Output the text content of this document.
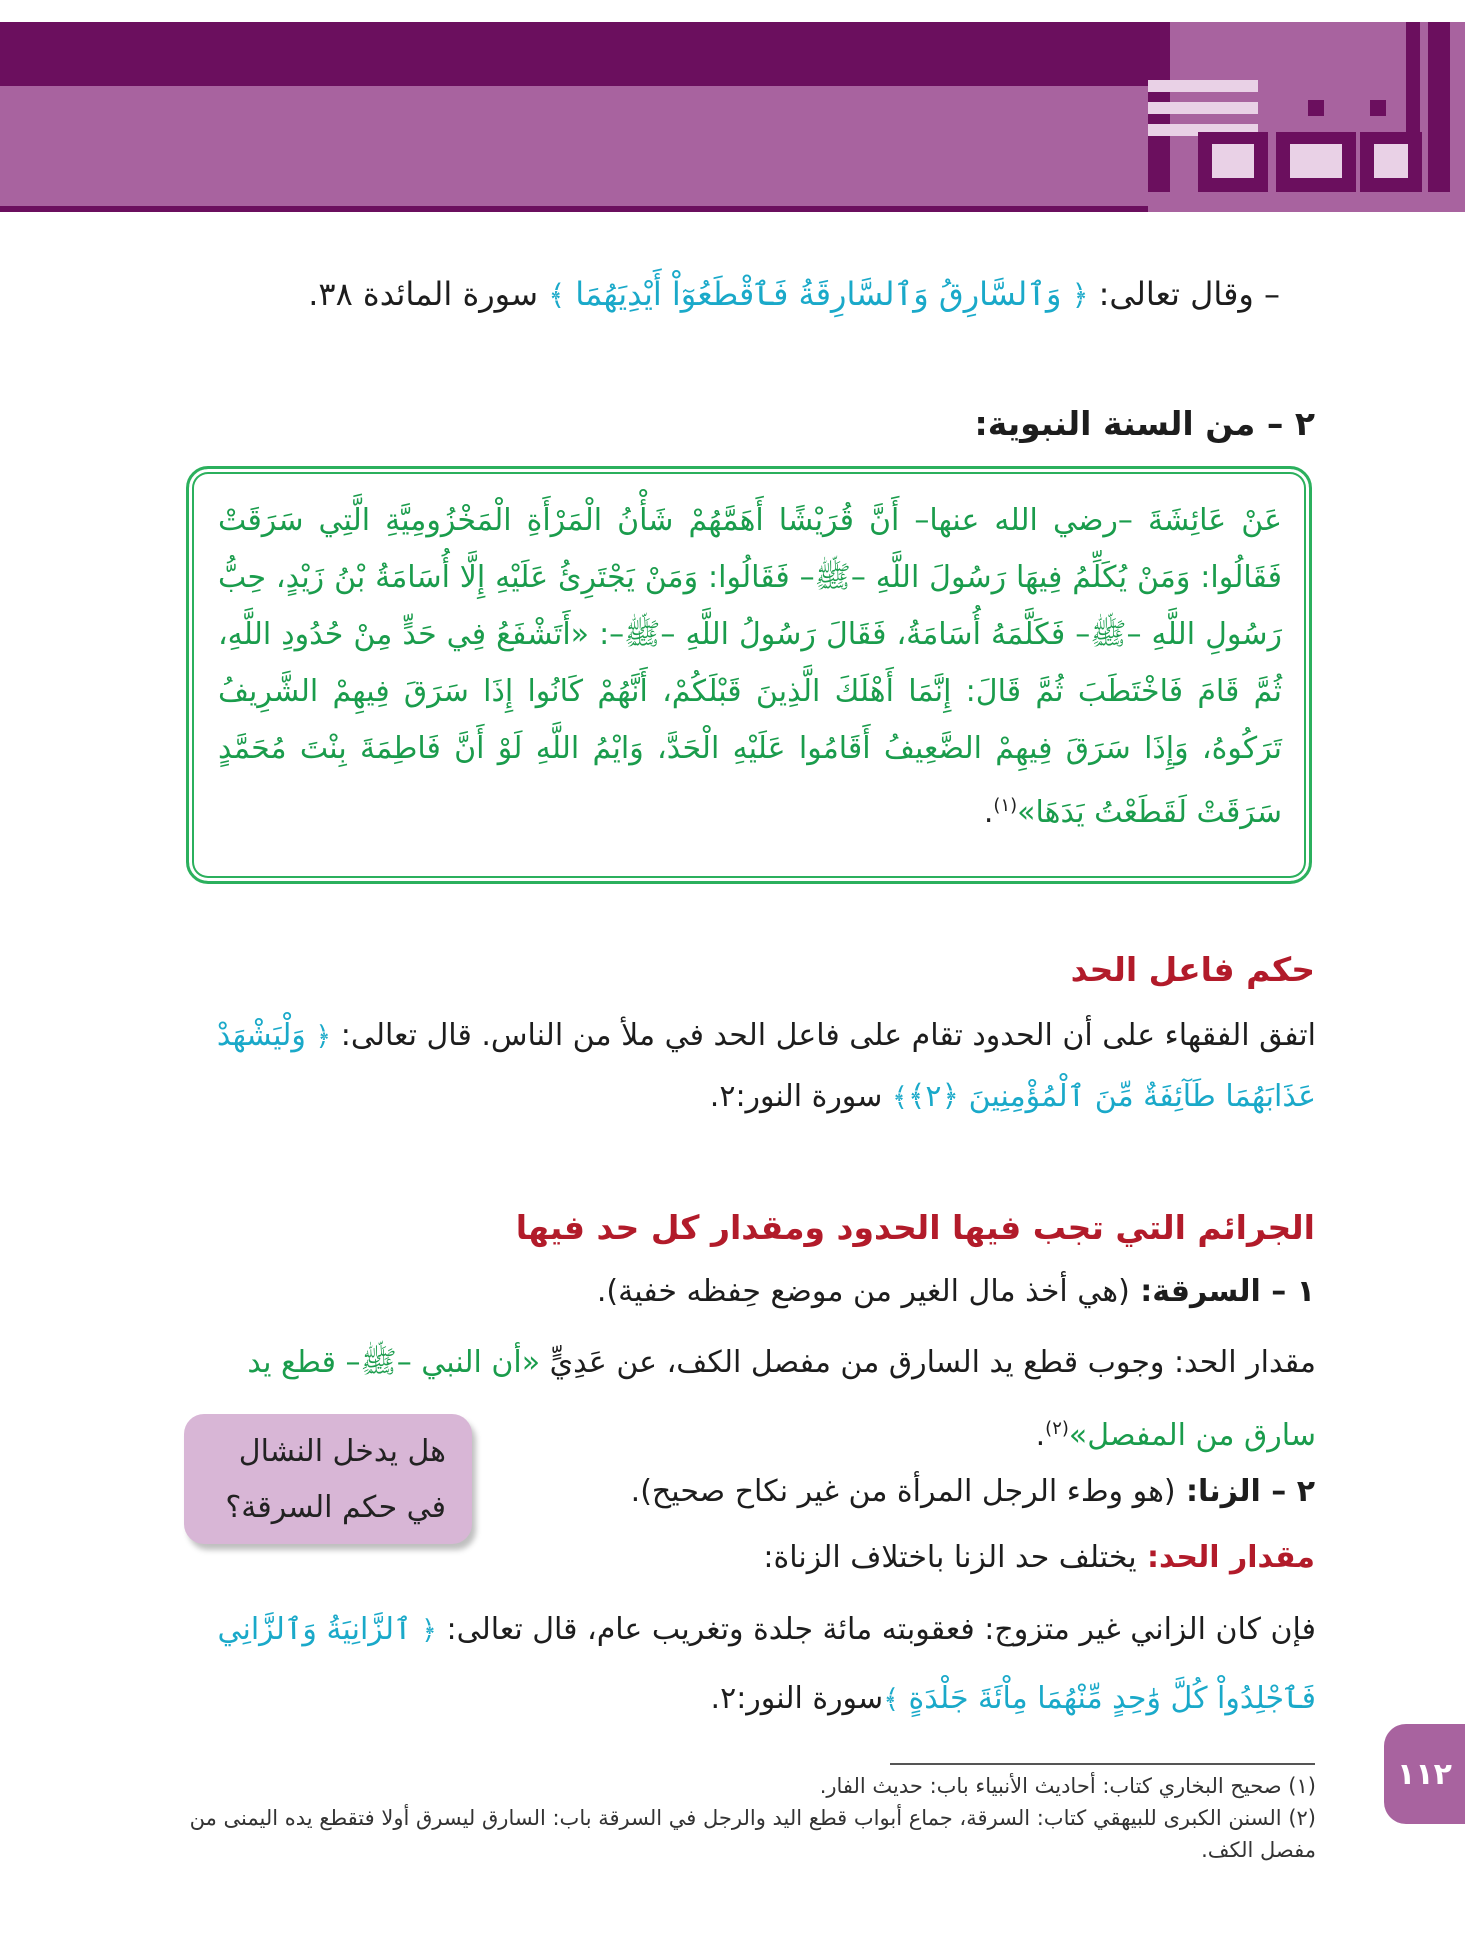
– وقال تعالى: ﴿ وَٱلسَّارِقُ وَٱلسَّارِقَةُ فَٱقْطَعُوٓاْ أَيْدِيَهُمَا ﴾ سورة المائدة ٣٨.
٢ – من السنة النبوية:
عَنْ عَائِشَةَ –رضي الله عنها– أَنَّ قُرَيْشًا أَهَمَّهُمْ شَأْنُ الْمَرْأَةِ الْمَخْزُومِيَّةِ الَّتِي سَرَقَتْ فَقَالُوا: وَمَنْ يُكَلِّمُ فِيهَا رَسُولَ اللَّهِ –ﷺ– فَقَالُوا: وَمَنْ يَجْتَرِئُ عَلَيْهِ إِلَّا أُسَامَةُ بْنُ زَيْدٍ، حِبُّ رَسُولِ اللَّهِ –ﷺ– فَكَلَّمَهُ أُسَامَةُ، فَقَالَ رَسُولُ اللَّهِ –ﷺ–: «أَتَشْفَعُ فِي حَدٍّ مِنْ حُدُودِ اللَّهِ، ثُمَّ قَامَ فَاخْتَطَبَ ثُمَّ قَالَ: إِنَّمَا أَهْلَكَ الَّذِينَ قَبْلَكُمْ، أَنَّهُمْ كَانُوا إِذَا سَرَقَ فِيهِمْ الشَّرِيفُ تَرَكُوهُ، وَإِذَا سَرَقَ فِيهِمْ الضَّعِيفُ أَقَامُوا عَلَيْهِ الْحَدَّ، وَايْمُ اللَّهِ لَوْ أَنَّ فَاطِمَةَ بِنْتَ مُحَمَّدٍ سَرَقَتْ لَقَطَعْتُ يَدَهَا»$^{(١)}$.
حكم فاعل الحد
اتفق الفقهاء على أن الحدود تقام على فاعل الحد في ملأ من الناس. قال تعالى: ﴿ وَلْيَشْهَدْ عَذَابَهُمَا طَآئِفَةٌ مِّنَ ٱلْمُؤْمِنِينَ ﴿٢﴾﴾ سورة النور:٢.
الجرائم التي تجب فيها الحدود ومقدار كل حد فيها
١ – السرقة: (هي أخذ مال الغير من موضع حِفظه خفية).
مقدار الحد: وجوب قطع يد السارق من مفصل الكف، عن عَدِيٍّ «أن النبي –ﷺ– قطع يد سارق من المفصل»$^{(٢)}$.
٢ – الزنا: (هو وطء الرجل المرأة من غير نكاح صحيح).
مقدار الحد: يختلف حد الزنا باختلاف الزناة:
فإن كان الزاني غير متزوج: فعقوبته مائة جلدة وتغريب عام، قال تعالى: ﴿ ٱلزَّانِيَةُ وَٱلزَّانِي فَٱجْلِدُواْ كُلَّ وَٰحِدٍ مِّنْهُمَا مِاْئَةَ جَلْدَةٍ ﴾سورة النور:٢.
هل يدخل النشال في حكم السرقة؟
(١) صحيح البخاري كتاب: أحاديث الأنبياء باب: حديث الفار.
(٢) السنن الكبرى للبيهقي كتاب: السرقة، جماع أبواب قطع اليد والرجل في السرقة باب: السارق ليسرق أولا فتقطع يده اليمنى من مفصل الكف.
١١٢
